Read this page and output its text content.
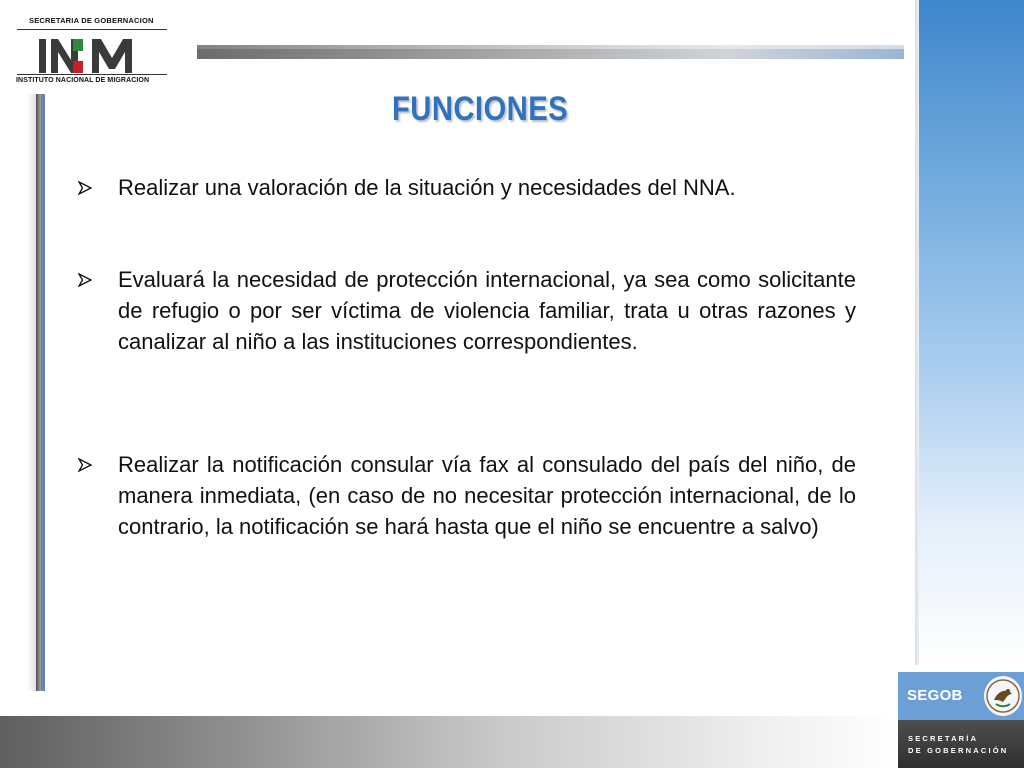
SECRETARIA DE GOBERNACION
INSTITUTO NACIONAL DE MIGRACION
FUNCIONES
Realizar una valoración de la situación y necesidades del NNA.
Evaluará la necesidad de protección internacional, ya sea como solicitante de refugio o por ser víctima de violencia familiar, trata u otras razones y canalizar al niño a las instituciones correspondientes.
Realizar la notificación consular vía fax al consulado del país del niño, de manera inmediata, (en caso de no necesitar protección internacional, de lo contrario, la notificación se hará hasta que el niño se encuentre a salvo)
SEGOB
SECRETARÍA
DE GOBERNACIÓN
